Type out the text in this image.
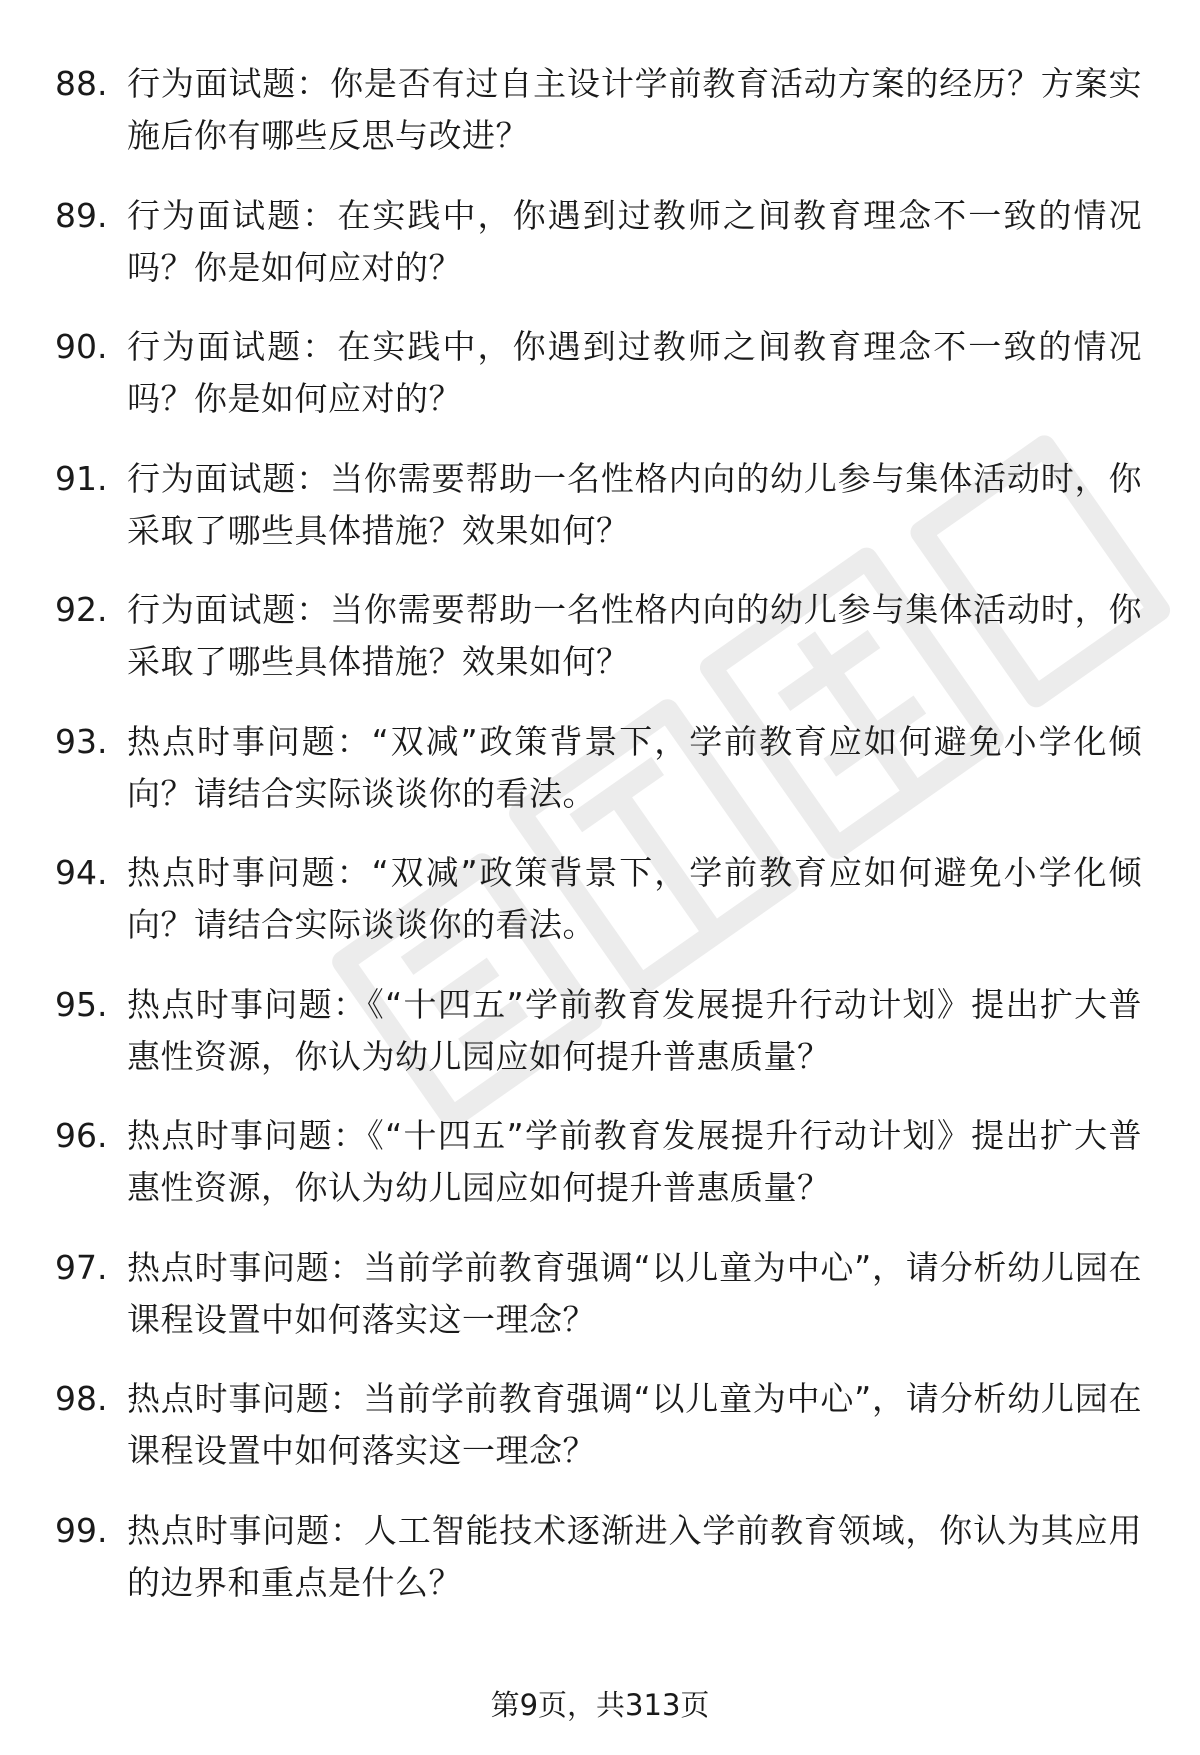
88. 行为面试题：你是否有过自主设计学前教育活动方案的经历？方案实施后你有哪些反思与改进？
89. 行为面试题：在实践中，你遇到过教师之间教育理念不一致的情况吗？你是如何应对的？
90. 行为面试题：在实践中，你遇到过教师之间教育理念不一致的情况吗？你是如何应对的？
91. 行为面试题：当你需要帮助一名性格内向的幼儿参与集体活动时，你采取了哪些具体措施？效果如何？
92. 行为面试题：当你需要帮助一名性格内向的幼儿参与集体活动时，你采取了哪些具体措施？效果如何？
93. 热点时事问题：“双减”政策背景下，学前教育应如何避免小学化倾向？请结合实际谈谈你的看法。
94. 热点时事问题：“双减”政策背景下，学前教育应如何避免小学化倾向？请结合实际谈谈你的看法。
95. 热点时事问题：《“十四五”学前教育发展提升行动计划》提出扩大普惠性资源，你认为幼儿园应如何提升普惠质量？
96. 热点时事问题：《“十四五”学前教育发展提升行动计划》提出扩大普惠性资源，你认为幼儿园应如何提升普惠质量？
97. 热点时事问题：当前学前教育强调“以儿童为中心”，请分析幼儿园在课程设置中如何落实这一理念？
98. 热点时事问题：当前学前教育强调“以儿童为中心”，请分析幼儿园在课程设置中如何落实这一理念？
99. 热点时事问题：人工智能技术逐渐进入学前教育领域，你认为其应用的边界和重点是什么？
第9页，共313页
